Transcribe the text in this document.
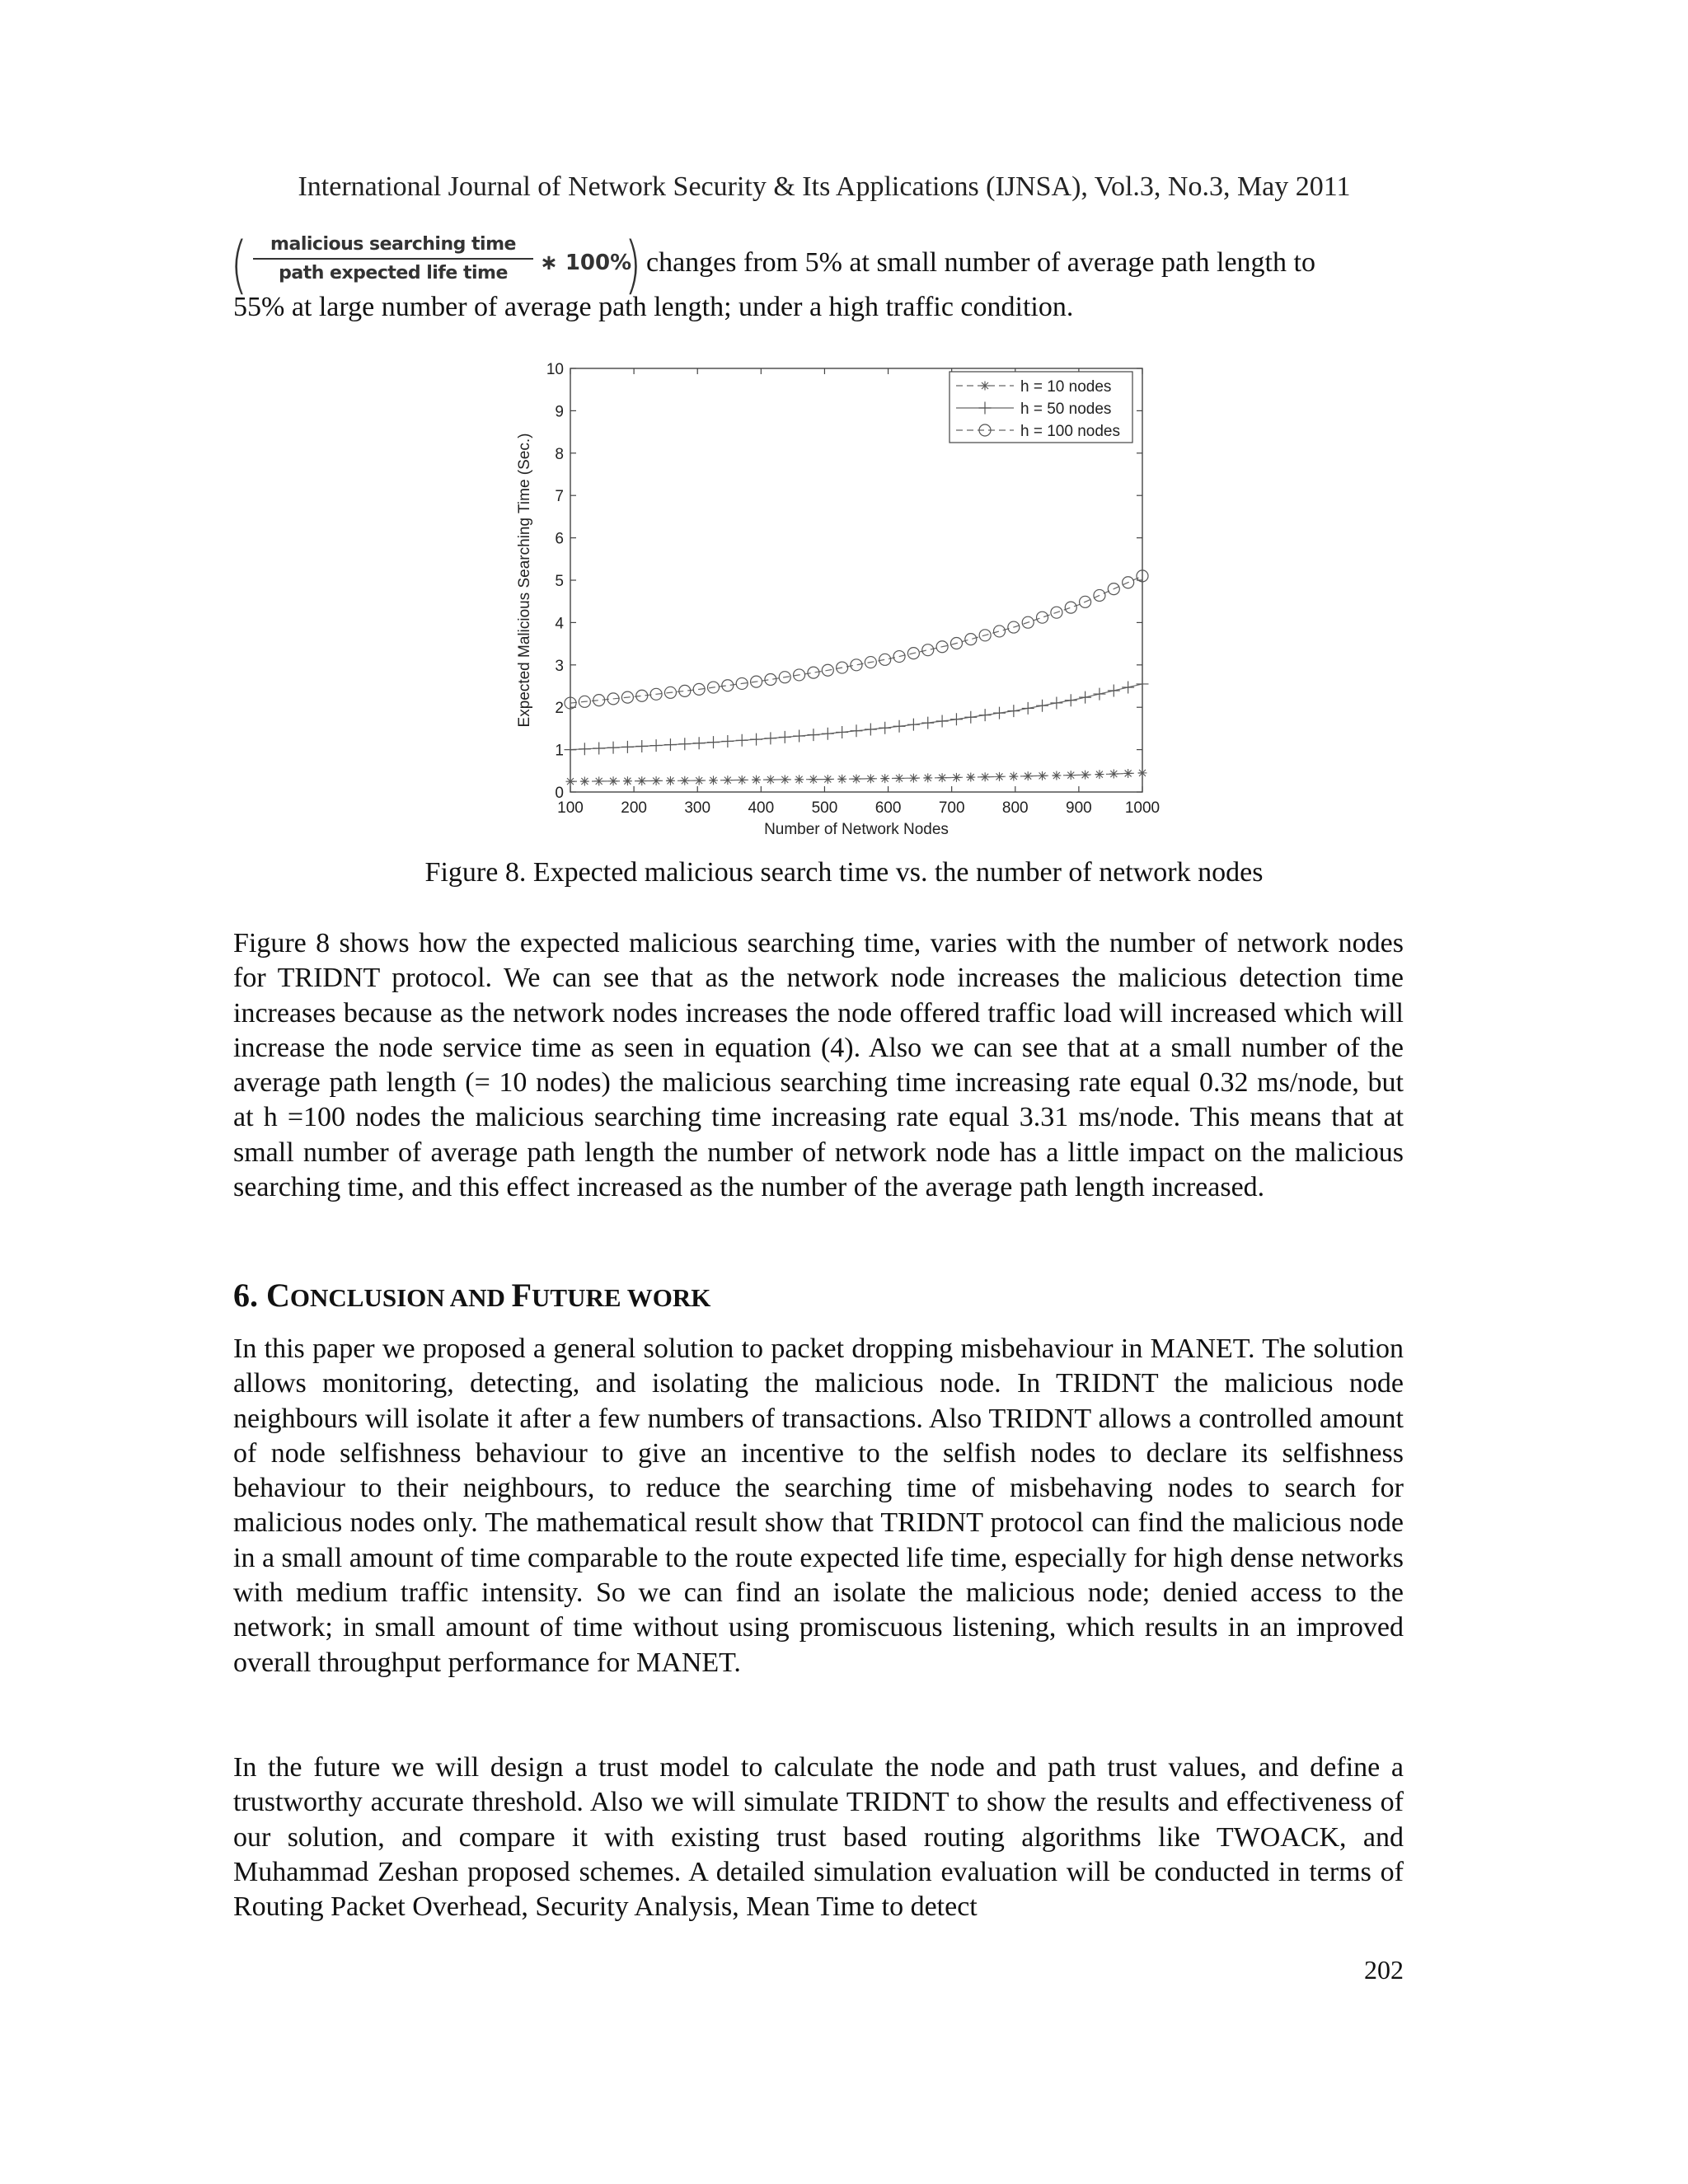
International Journal of Network Security & Its Applications (IJNSA), Vol.3, No.3, May 2011
(	malicious searching time
path expected life time	∗ 100%
) changes from 5% at small number of average path length to
55% at large number of average path length; under a high traffic condition.
100 200 300 400 500 600 700 800 900 1000
0
1
2
3
4
5
6
7
8
9
10
Number of Network Nodes
Expected Malicious Searching Time (Sec.)
h = 10 nodes
h = 50 nodes
h = 100 nodes
Figure 8. Expected malicious search time vs. the number of network nodes
Figure 8 shows how the expected malicious searching time, varies with the number of network nodes for TRIDNT protocol. We can see that as the network node increases the malicious detection time increases because as the network nodes increases the node offered traffic load will increased which will increase the node service time as seen in equation (4). Also we can see that at a small number of the average path length (= 10 nodes) the malicious searching time increasing rate equal 0.32 ms/node, but at h =100 nodes the malicious searching time increasing rate equal 3.31 ms/node. This means that at small number of average path length the number of network node has a little impact on the malicious searching time, and this effect increased as the number of the average path length increased.
6. CONCLUSION AND FUTURE WORK
In this paper we proposed a general solution to packet dropping misbehaviour in MANET. The solution allows monitoring, detecting, and isolating the malicious node. In TRIDNT the malicious node neighbours will isolate it after a few numbers of transactions. Also TRIDNT allows a controlled amount of node selfishness behaviour to give an incentive to the selfish nodes to declare its selfishness behaviour to their neighbours, to reduce the searching time of misbehaving nodes to search for malicious nodes only. The mathematical result show that TRIDNT protocol can find the malicious node in a small amount of time comparable to the route expected life time, especially for high dense networks with medium traffic intensity. So we can find an isolate the malicious node; denied access to the network; in small amount of time without using promiscuous listening, which results in an improved overall throughput performance for MANET.
In the future we will design a trust model to calculate the node and path trust values, and define a trustworthy accurate threshold. Also we will simulate TRIDNT to show the results and effectiveness of our solution, and compare it with existing trust based routing algorithms like TWOACK, and Muhammad Zeshan proposed schemes. A detailed simulation evaluation will be conducted in terms of Routing Packet Overhead, Security Analysis, Mean Time to detect
202
